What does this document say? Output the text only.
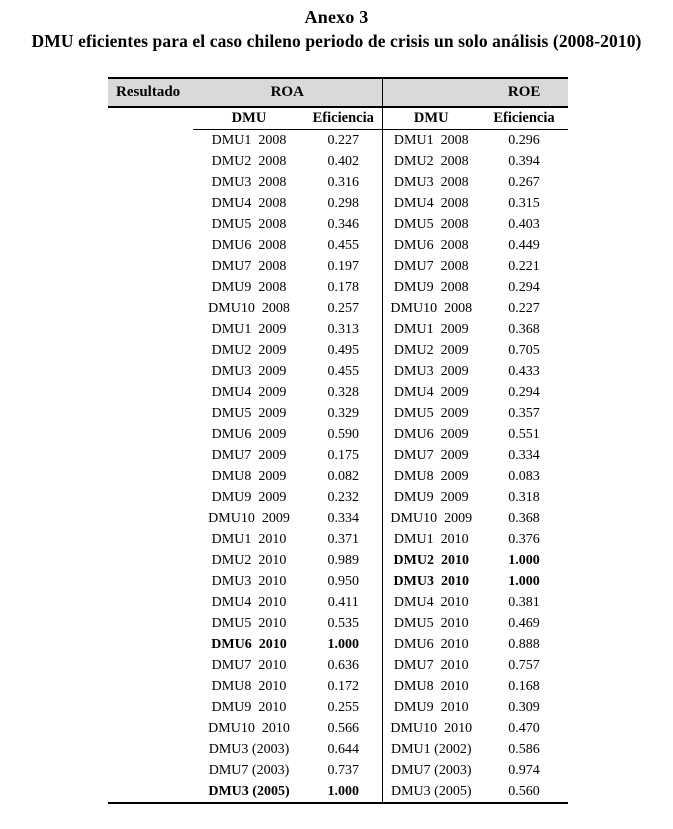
Anexo 3
DMU eficientes para el caso chileno periodo de crisis un solo análisis (2008-2010)
Resultado	ROA		ROE	

	DMU	Eficiencia	DMU	Eficiencia
	DMU1  2008	0.227	DMU1  2008	0.296
	DMU2  2008	0.402	DMU2  2008	0.394
	DMU3  2008	0.316	DMU3  2008	0.267
	DMU4  2008	0.298	DMU4  2008	0.315
	DMU5  2008	0.346	DMU5  2008	0.403
	DMU6  2008	0.455	DMU6  2008	0.449
	DMU7  2008	0.197	DMU7  2008	0.221
	DMU9  2008	0.178	DMU9  2008	0.294
	DMU10  2008	0.257	DMU10  2008	0.227
	DMU1  2009	0.313	DMU1  2009	0.368
	DMU2  2009	0.495	DMU2  2009	0.705
	DMU3  2009	0.455	DMU3  2009	0.433
	DMU4  2009	0.328	DMU4  2009	0.294
	DMU5  2009	0.329	DMU5  2009	0.357
	DMU6  2009	0.590	DMU6  2009	0.551
	DMU7  2009	0.175	DMU7  2009	0.334
	DMU8  2009	0.082	DMU8  2009	0.083
	DMU9  2009	0.232	DMU9  2009	0.318
	DMU10  2009	0.334	DMU10  2009	0.368
	DMU1  2010	0.371	DMU1  2010	0.376
	DMU2  2010	0.989	DMU2  2010	1.000
	DMU3  2010	0.950	DMU3  2010	1.000
	DMU4  2010	0.411	DMU4  2010	0.381
	DMU5  2010	0.535	DMU5  2010	0.469
	DMU6  2010	1.000	DMU6  2010	0.888
	DMU7  2010	0.636	DMU7  2010	0.757
	DMU8  2010	0.172	DMU8  2010	0.168
	DMU9  2010	0.255	DMU9  2010	0.309
	DMU10  2010	0.566	DMU10  2010	0.470
	DMU3 (2003)	0.644	DMU1 (2002)	0.586
	DMU7 (2003)	0.737	DMU7 (2003)	0.974
	DMU3 (2005)	1.000	DMU3 (2005)	0.560
